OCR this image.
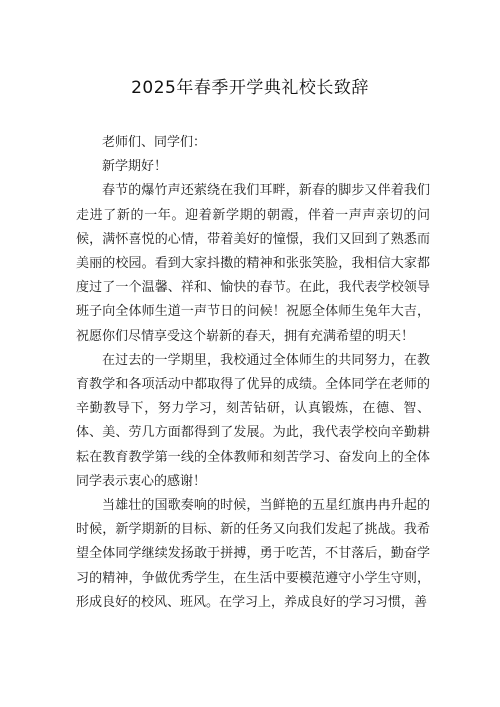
2025年春季开学典礼校长致辞

老师们、同学们：

新学期好！

春节的爆竹声还萦绕在我们耳畔，新春的脚步又伴着我们走进了新的一年。迎着新学期的朝霞，伴着一声声亲切的问候，满怀喜悦的心情，带着美好的憧憬，我们又回到了熟悉而美丽的校园。看到大家抖擞的精神和张张笑脸，我相信大家都度过了一个温馨、祥和、愉快的春节。在此，我代表学校领导班子向全体师生道一声节日的问候！祝愿全体师生兔年大吉，祝愿你们尽情享受这个崭新的春天，拥有充满希望的明天！

在过去的一学期里，我校通过全体师生的共同努力，在教育教学和各项活动中都取得了优异的成绩。全体同学在老师的辛勤教导下，努力学习，刻苦钻研，认真锻炼，在德、智、体、美、劳几方面都得到了发展。为此，我代表学校向辛勤耕耘在教育教学第一线的全体教师和刻苦学习、奋发向上的全体同学表示衷心的感谢！

当雄壮的国歌奏响的时候，当鲜艳的五星红旗冉冉升起的时候，新学期新的目标、新的任务又向我们发起了挑战。我希望全体同学继续发扬敢于拼搏，勇于吃苦，不甘落后，勤奋学习的精神，争做优秀学生，在生活中要模范遵守小学生守则，形成良好的校风、班风。在学习上，养成良好的学习习惯，善
